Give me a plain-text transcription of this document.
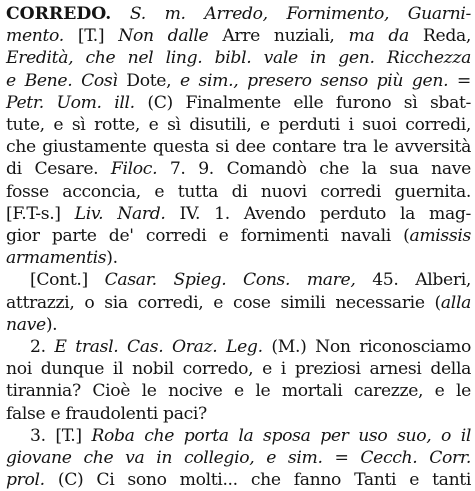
CORREDO. S. m. Arredo, Fornimento, Guarni-
mento. [T.] Non dalle Arre nuziali, ma da Reda,
Eredità, che nel ling. bibl. vale in gen. Ricchezza
e Bene. Così Dote, e sim., presero senso più gen. =
Petr. Uom. ill. (C) Finalmente elle furono sì sbat-
tute, e sì rotte, e sì disutili, e perduti i suoi corredi,
che giustamente questa si dee contare tra le avversità
di Cesare. Filoc. 7. 9. Comandò che la sua nave
fosse acconcia, e tutta di nuovi corredi guernita.
[F.T-s.] Liv. Nard. IV. 1. Avendo perduto la mag-
gior parte de' corredi e fornimenti navali (amissis
armamentis).
[Cont.] Casar. Spieg. Cons. mare, 45. Alberi,
attrazzi, o sia corredi, e cose simili necessarie (alla
nave).
2. E trasl. Cas. Oraz. Leg. (M.) Non riconosciamo
noi dunque il nobil corredo, e i preziosi arnesi della
tirannia? Cioè le nocive e le mortali carezze, e le
false e fraudolenti paci?
3. [T.] Roba che porta la sposa per uso suo, o il
giovane che va in collegio, e sim. = Cecch. Corr.
prol. (C) Ci sono molti... che fanno Tanti e tanti
